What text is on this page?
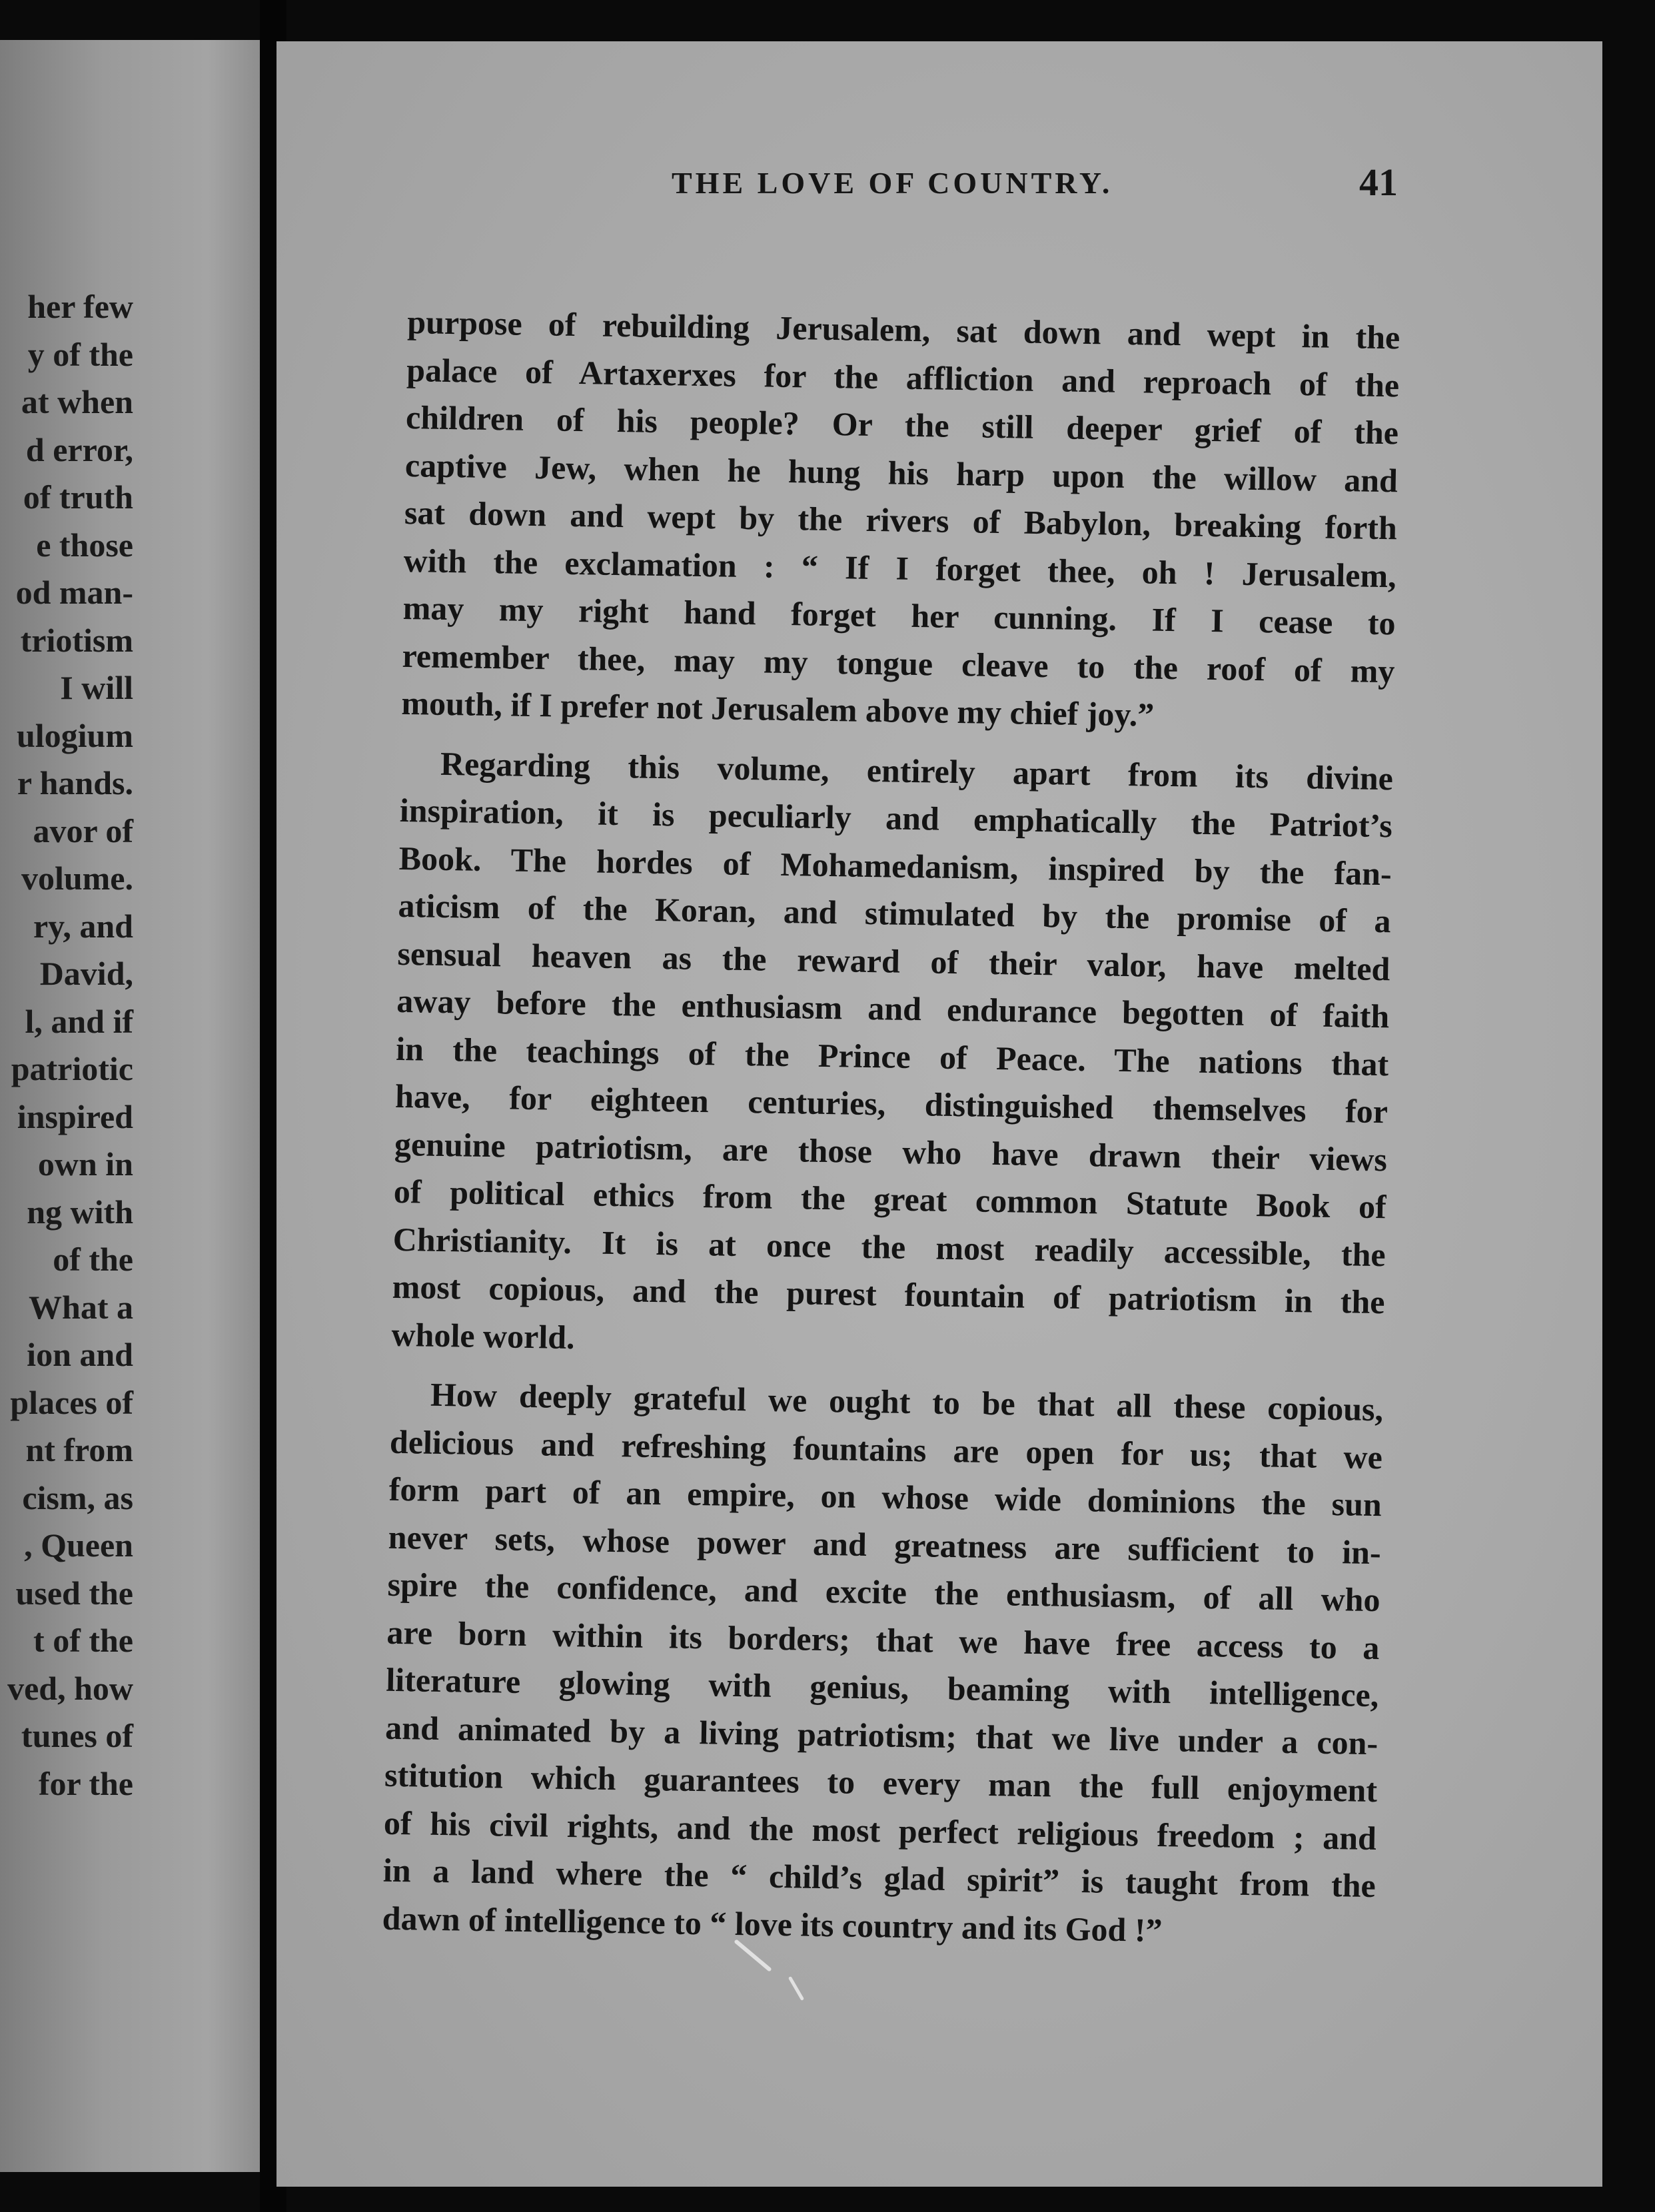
her few
y of the
at when
d error,
of truth
e those
od man-
triotism
I will
ulogium
r hands.
avor of
volume.
ry, and
David,
l, and if
patriotic
inspired
own in
ng with
of the
What a
ion and
places of
nt from
cism, as
, Queen
used the
t of the
ved, how
tunes of
for the
THE LOVE OF COUNTRY.	41
purpose of rebuilding Jerusalem, sat down and wept in the
palace of Artaxerxes for the affliction and reproach of the
children of his people? Or the still deeper grief of the
captive Jew, when he hung his harp upon the willow and
sat down and wept by the rivers of Babylon, breaking forth
with the exclamation : “ If I forget thee, oh ! Jerusalem,
may my right hand forget her cunning. If I cease to
remember thee, may my tongue cleave to the roof of my
mouth, if I prefer not Jerusalem above my chief joy.”
Regarding this volume, entirely apart from its divine
inspiration, it is peculiarly and emphatically the Patriot’s
Book. The hordes of Mohamedanism, inspired by the fan-
aticism of the Koran, and stimulated by the promise of a
sensual heaven as the reward of their valor, have melted
away before the enthusiasm and endurance begotten of faith
in the teachings of the Prince of Peace. The nations that
have, for eighteen centuries, distinguished themselves for
genuine patriotism, are those who have drawn their views
of political ethics from the great common Statute Book of
Christianity. It is at once the most readily accessible, the
most copious, and the purest fountain of patriotism in the
whole world.
How deeply grateful we ought to be that all these copious,
delicious and refreshing fountains are open for us; that we
form part of an empire, on whose wide dominions the sun
never sets, whose power and greatness are sufficient to in-
spire the confidence, and excite the enthusiasm, of all who
are born within its borders; that we have free access to a
literature glowing with genius, beaming with intelligence,
and animated by a living patriotism; that we live under a con-
stitution which guarantees to every man the full enjoyment
of his civil rights, and the most perfect religious freedom ; and
in a land where the “ child’s glad spirit” is taught from the
dawn of intelligence to “ love its country and its God !”
